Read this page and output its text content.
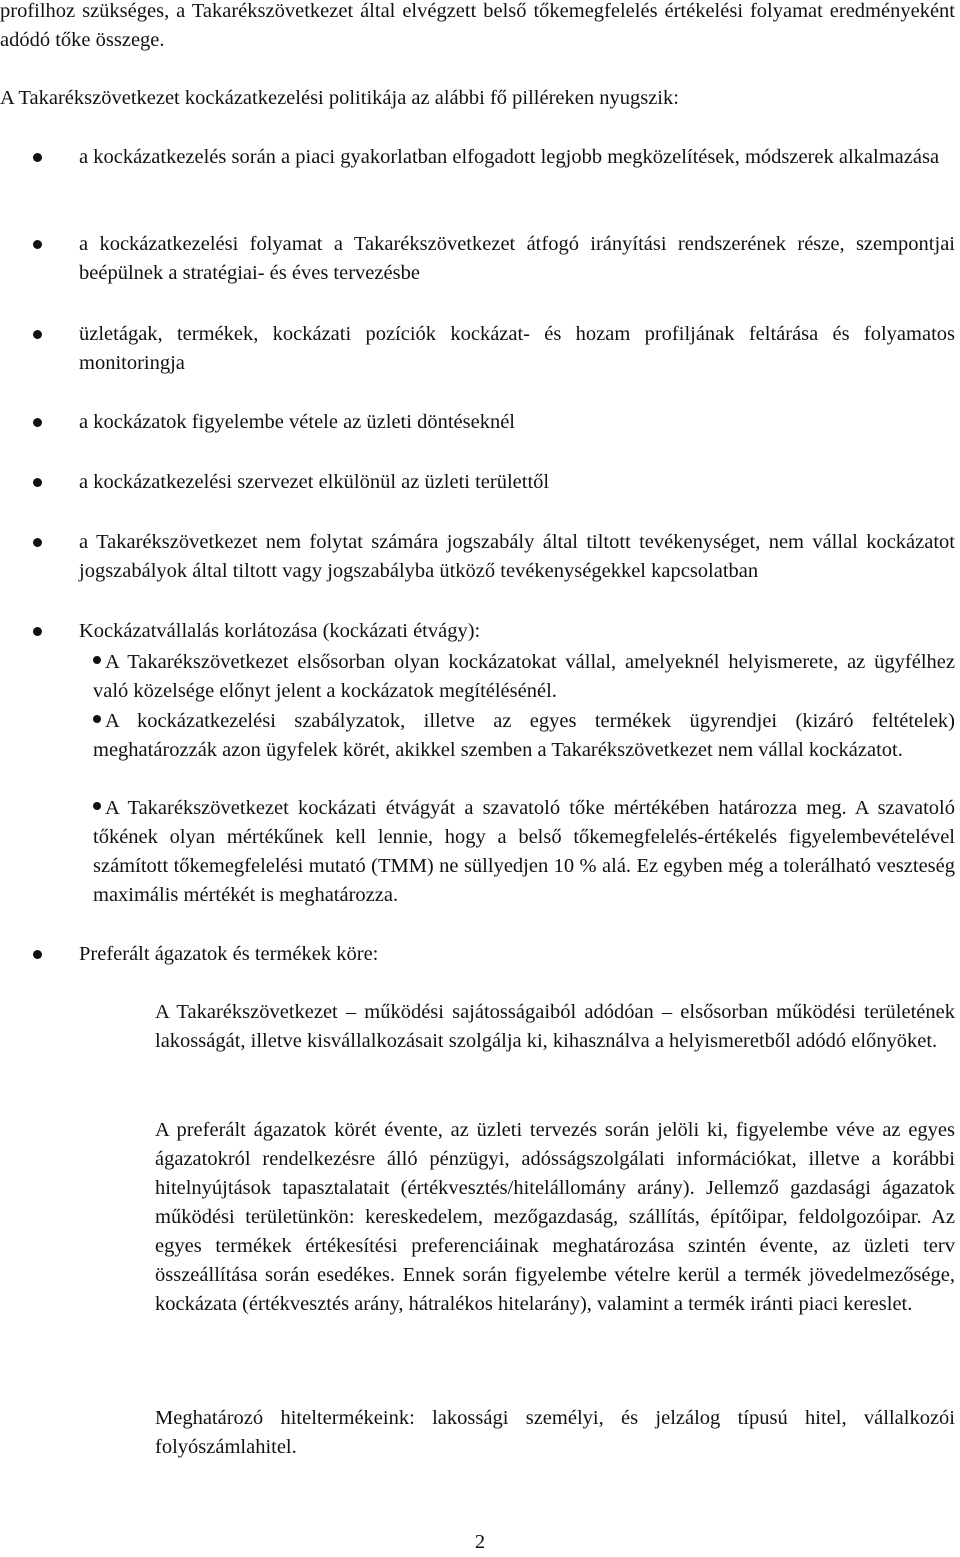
profilhoz szükséges, a Takarékszövetkezet által elvégzett belső tőkemegfelelés értékelési folyamat eredményeként adódó tőke összege.
A Takarékszövetkezet kockázatkezelési politikája az alábbi fő pilléreken nyugszik:
a kockázatkezelés során a piaci gyakorlatban elfogadott legjobb megközelítések, módszerek alkalmazása
a kockázatkezelési folyamat a Takarékszövetkezet átfogó irányítási rendszerének része, szempontjai beépülnek a stratégiai- és éves tervezésbe
üzletágak, termékek, kockázati pozíciók kockázat- és hozam profiljának feltárása és folyamatos monitoringja
a kockázatok figyelembe vétele az üzleti döntéseknél
a kockázatkezelési szervezet elkülönül az üzleti területtől
a Takarékszövetkezet nem folytat számára jogszabály által tiltott tevékenységet, nem vállal kockázatot jogszabályok által tiltott vagy jogszabályba ütköző tevékenységekkel kapcsolatban
Kockázatvállalás korlátozása (kockázati étvágy):

A Takarékszövetkezet elsősorban olyan kockázatokat vállal, amelyeknél helyismerete, az ügyfélhez való közelsége előnyt jelent a kockázatok megítélésénél.

A kockázatkezelési szabályzatok, illetve az egyes termékek ügyrendjei (kizáró feltételek) meghatározzák azon ügyfelek körét, akikkel szemben a Takarékszövetkezet nem vállal kockázatot.

A Takarékszövetkezet kockázati étvágyát a szavatoló tőke mértékében határozza meg. A szavatoló tőkének olyan mértékűnek kell lennie, hogy a belső tőkemegfelelés-értékelés figyelembevételével számított tőkemegfelelési mutató (TMM) ne süllyedjen 10 % alá. Ez egyben még a tolerálható veszteség maximális mértékét is meghatározza.

Preferált ágazatok és termékek köre:
A Takarékszövetkezet – működési sajátosságaiból adódóan – elsősorban működési területének lakosságát, illetve kisvállalkozásait szolgálja ki, kihasználva a helyismeretből adódó előnyöket.
A preferált ágazatok körét évente, az üzleti tervezés során jelöli ki, figyelembe véve az egyes ágazatokról rendelkezésre álló pénzügyi, adósságszolgálati információkat, illetve a korábbi hitelnyújtások tapasztalatait (értékvesztés/hitelállomány arány). Jellemző gazdasági ágazatok működési területünkön: kereskedelem, mezőgazdaság, szállítás, építőipar, feldolgozóipar. Az egyes termékek értékesítési preferenciáinak meghatározása szintén évente, az üzleti terv összeállítása során esedékes. Ennek során figyelembe vételre kerül a termék jövedelmezősége, kockázata (értékvesztés arány, hátralékos hitelarány), valamint a termék iránti piaci kereslet.
Meghatározó hiteltermékeink: lakossági személyi, és jelzálog típusú hitel, vállalkozói folyószámlahitel.
2
